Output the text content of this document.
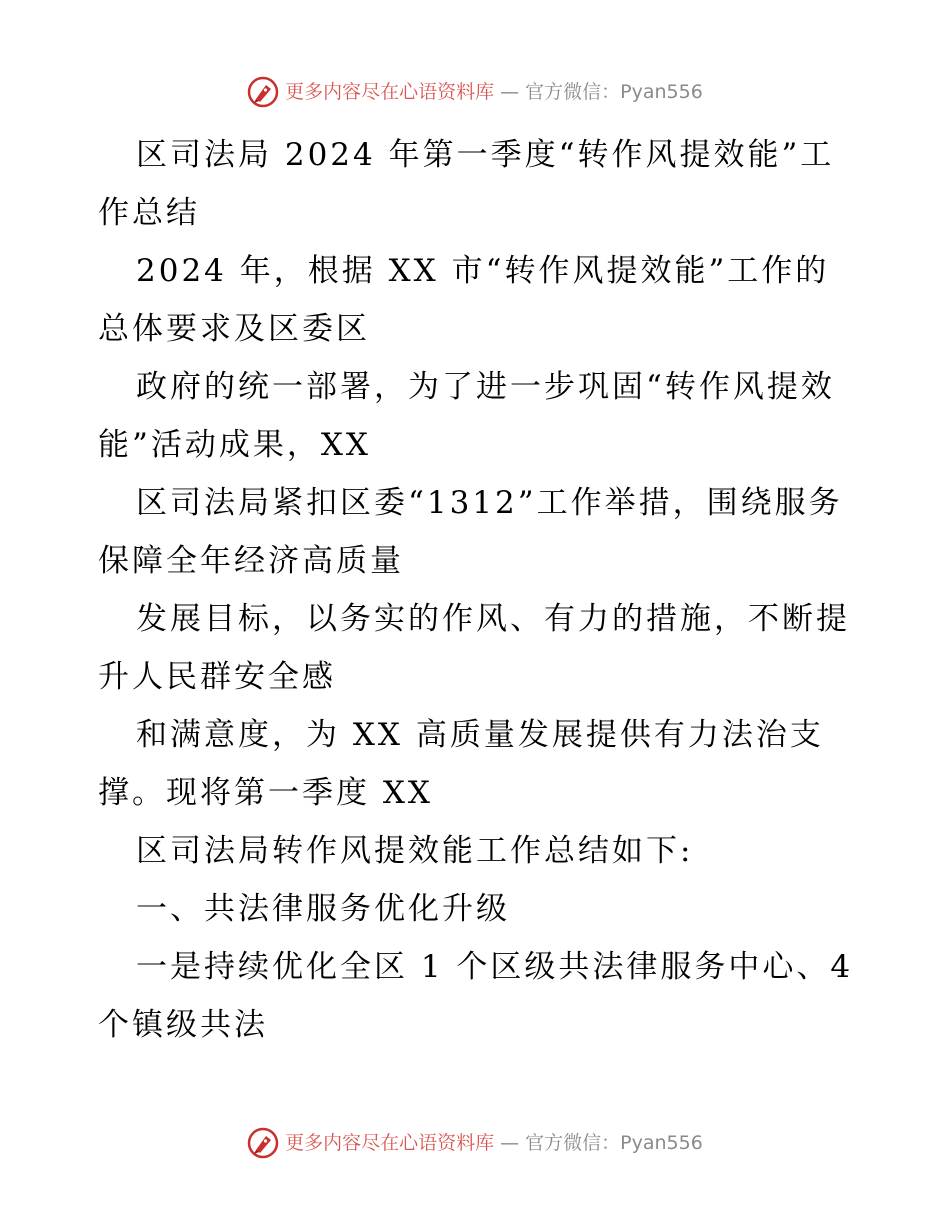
更多内容尽在心语资料库 — 官方微信：Pyan556

区司法局 2024 年第一季度“转作风提效能”工作总结

2024 年，根据 XX 市“转作风提效能”工作的总体要求及区委区

政府的统一部署，为了进一步巩固“转作风提效能”活动成果，XX

区司法局紧扣区委“1312”工作举措，围绕服务保障全年经济高质量

发展目标，以务实的作风、有力的措施，不断提升人民群安全感

和满意度，为 XX 高质量发展提供有力法治支撑。现将第一季度 XX

区司法局转作风提效能工作总结如下:

一、共法律服务优化升级

一是持续优化全区 1 个区级共法律服务中心、4 个镇级共法

更多内容尽在心语资料库 — 官方微信：Pyan556
